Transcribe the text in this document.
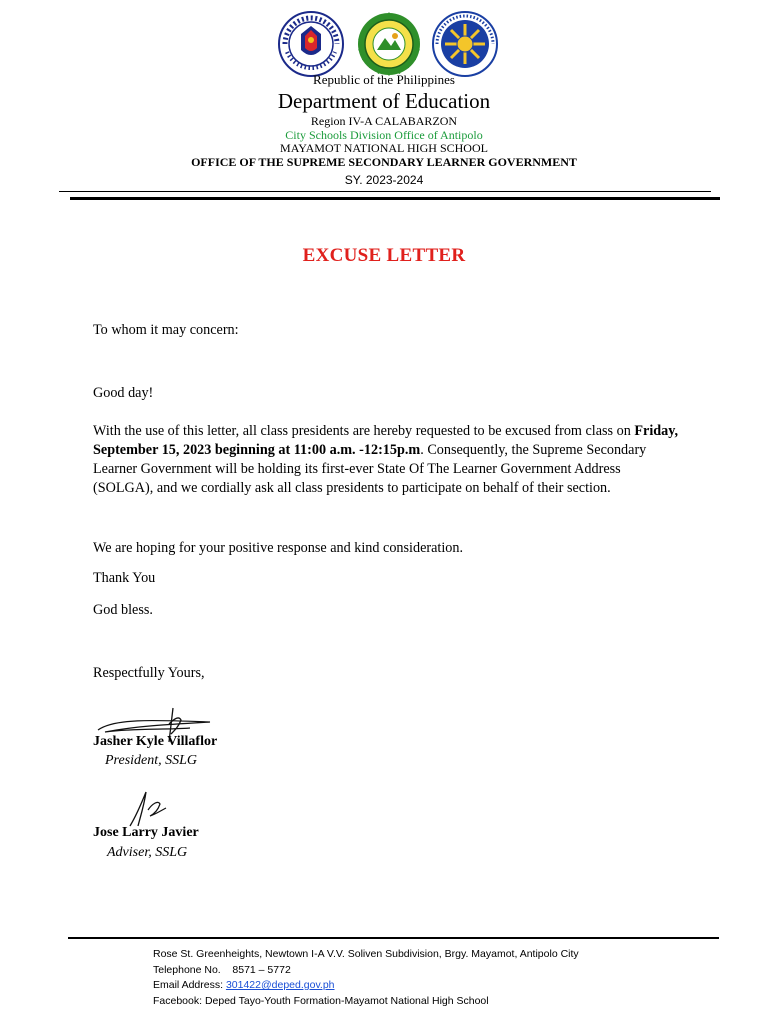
Republic of the Philippines
Department of Education
Region IV-A CALABARZON
City Schools Division Office of Antipolo
MAYAMOT NATIONAL HIGH SCHOOL
OFFICE OF THE SUPREME SECONDARY LEARNER GOVERNMENT
SY. 2023-2024
EXCUSE LETTER
To whom it may concern:
Good day!
With the use of this letter, all class presidents are hereby requested to be excused from class on Friday, September 15, 2023 beginning at 11:00 a.m. -12:15p.m. Consequently, the Supreme Secondary Learner Government will be holding its first-ever State Of The Learner Government Address (SOLGA), and we cordially ask all class presidents to participate on behalf of their section.
We are hoping for your positive response and kind consideration.
Thank You
God bless.
Respectfully Yours,
Jasher Kyle Villaflor
President, SSLG
Jose Larry Javier
Adviser, SSLG
Rose St. Greenheights, Newtown I-A V.V. Soliven Subdivision, Brgy. Mayamot, Antipolo City
Telephone No. 8571 – 5772
Email Address: 301422@deped.gov.ph
Facebook: Deped Tayo-Youth Formation-Mayamot National High School
